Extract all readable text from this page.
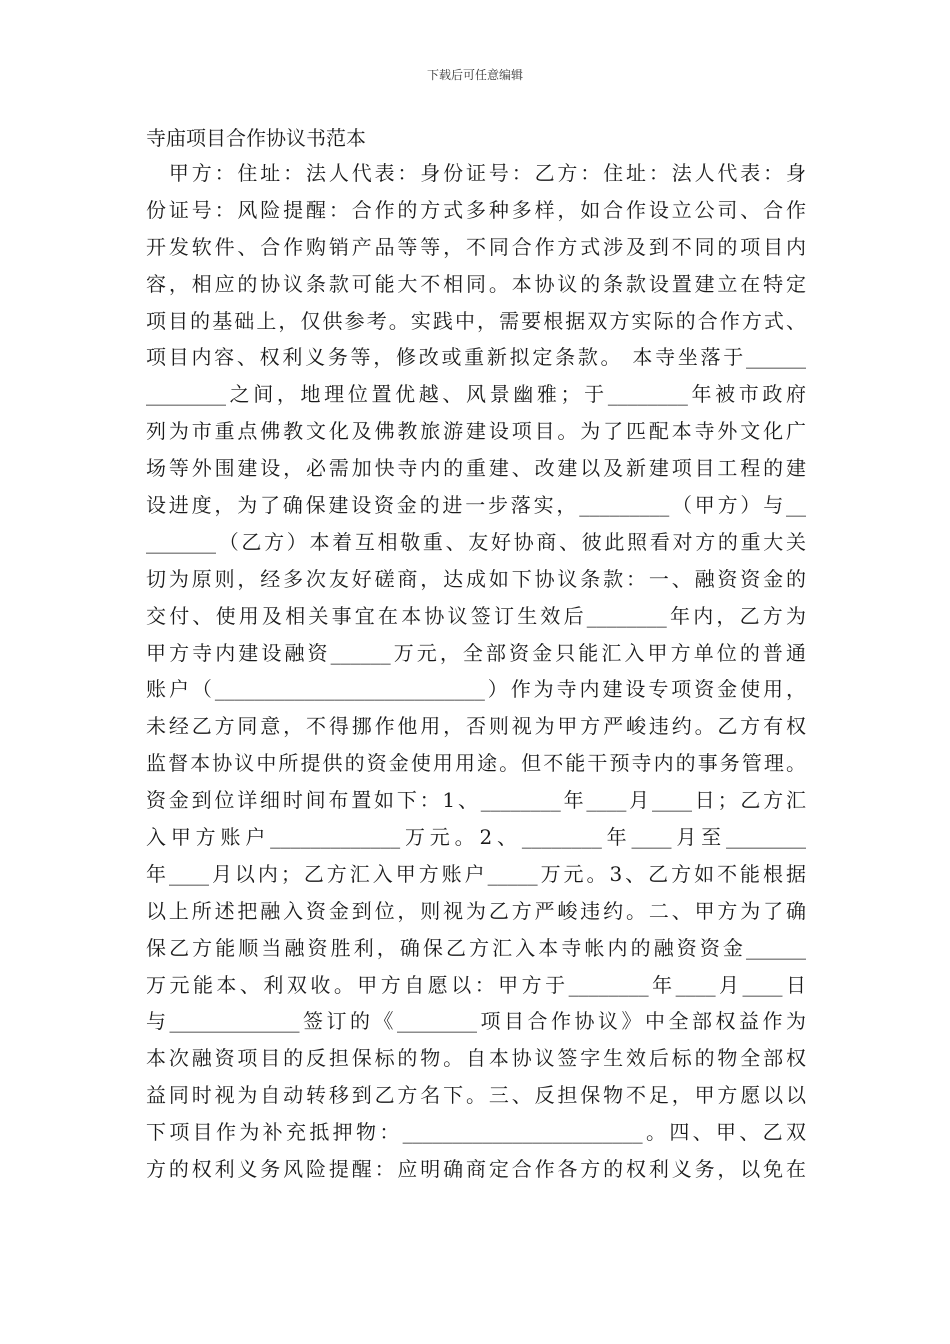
下载后可任意编辑
寺庙项目合作协议书范本
　甲方：住址：法人代表：身份证号：乙方：住址：法人代表：身
份证号：风险提醒：合作的方式多种多样，如合作设立公司、合作
开发软件、合作购销产品等等，不同合作方式涉及到不同的项目内
容，相应的协议条款可能大不相同。本协议的条款设置建立在特定
项目的基础上，仅供参考。实践中，需要根据双方实际的合作方式、
项目内容、权利义务等，修改或重新拟定条款。 本寺坐落于______
________之间，地理位置优越、风景幽雅；于________年被市政府
列为市重点佛教文化及佛教旅游建设项目。为了匹配本寺外文化广
场等外围建设，必需加快寺内的重建、改建以及新建项目工程的建
设进度，为了确保建设资金的进一步落实，_________（甲方）与__
_______（乙方）本着互相敬重、友好协商、彼此照看对方的重大关
切为原则，经多次友好磋商，达成如下协议条款：一、融资资金的
交付、使用及相关事宜在本协议签订生效后________年内，乙方为
甲方寺内建设融资______万元，全部资金只能汇入甲方单位的普通
账户（___________________________）作为寺内建设专项资金使用，
未经乙方同意，不得挪作他用，否则视为甲方严峻违约。乙方有权
监督本协议中所提供的资金使用用途。但不能干预寺内的事务管理。
资金到位详细时间布置如下：1、________年____月____日；乙方汇
入甲方账户_____________万元。2、________年____月至________
年____月以内；乙方汇入甲方账户_____万元。3、乙方如不能根据
以上所述把融入资金到位，则视为乙方严峻违约。二、甲方为了确
保乙方能顺当融资胜利，确保乙方汇入本寺帐内的融资资金______
万元能本、利双收。甲方自愿以：甲方于________年____月____日
与_____________签订的《________项目合作协议》中全部权益作为
本次融资项目的反担保标的物。自本协议签字生效后标的物全部权
益同时视为自动转移到乙方名下。三、反担保物不足，甲方愿以以
下项目作为补充抵押物：________________________。四、甲、乙双
方的权利义务风险提醒：应明确商定合作各方的权利义务，以免在
